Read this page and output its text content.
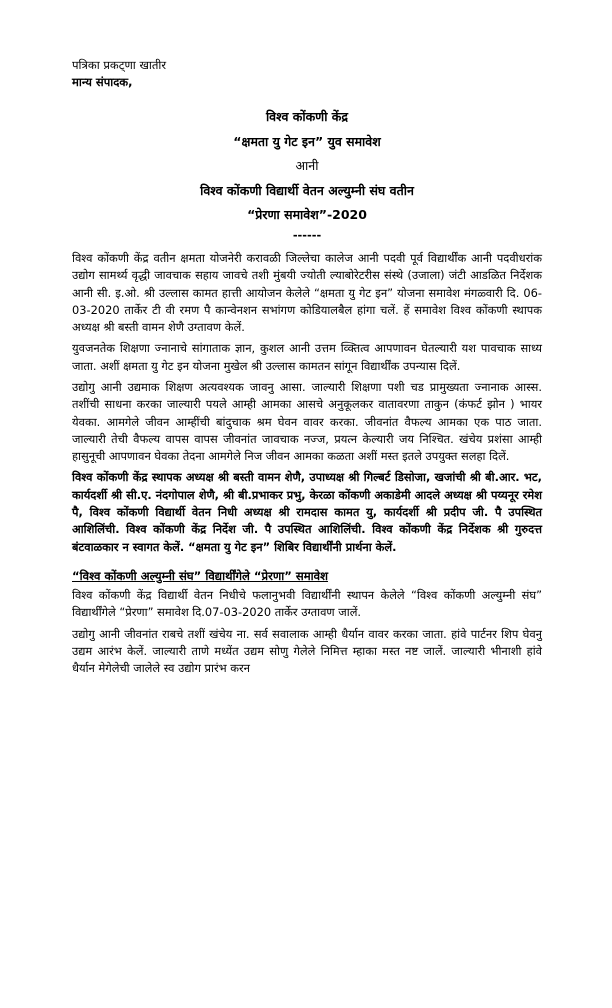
पत्रिका प्रकट्णा खातीर

मान्य संपादक,

विश्व कोंकणी केंद्र

“क्षमता यु गेट इन” युव समावेश

आनी

विश्व कोंकणी विद्यार्थी वेतन अल्युम्नी संघ वतीन

“प्रेरणा समावेश”-2020

------

विश्व कोंकणी केंद्र वतीन क्षमता योजनेरी करावळी जिल्लेचा कालेज आनी पदवी पूर्व विद्यार्थींक आनी पदवीधरांक उद्योग सामर्थ्य वृद्धी जावचाक सहाय जावचे तशी मुंबयी ज्योती ल्याबोरेटरीस संस्थे (उजाला) जंटी आडळित निर्देशक आनी सी. इ.ओ. श्री उल्लास कामत हात्ती आयोजन केलेले “क्षमता यु गेट इन” योजना समावेश मंगळ्वारी दि. 06-03-2020 तार्केर टी वी रमण पै कान्वेनशन सभांगण कोडियालबैल हांगा चलें. हें समावेश विश्व कोंकणी स्थापक अध्यक्ष श्री बस्ती वामन शेणै उग्तावण केलें.

युवजनतेक शिक्षणा ज्नानाचे सांगाताक ज्ञान, कुशल आनी उत्तम व्क्तित्व आपणावन घेतल्यारी यश पावचाक साध्य जाता. अशीं क्षमता यु गेट इन योजना मुखेल श्री उल्लास कामतन सांगून विद्यार्थींक उपन्यास दिलें.

उद्योगु आनी उद्यमाक शिक्षण अत्यवश्यक जावनु आसा. जाल्यारी शिक्षणा पशी चड प्रामुख्यता ज्नानाक आस्स. तशींची साधना करका जाल्यारी पयले आम्ही आमका आसचे अनुकूलकर वातावरणा ताकुन (कंफर्ट झोन ) भायर येवका. आमगेले जीवन आम्हींची बांदुचाक श्रम घेवन वावर करका. जीवनांत वैफल्य आमका एक पाठ जाता. जाल्यारी तेची वैफल्य वापस वापस जीवनांत जावचाक नज्ज, प्रयत्न केल्यारी जय निश्चित. खंचेय प्रशंसा आम्ही हासुनूची आपणावन घेवका तेदना आमगेले निज जीवन आमका कळता अशीं मस्त इतले उपयुक्त सलहा दिलें.

विश्व कोंकणी केंद्र स्थापक अध्यक्ष श्री बस्ती वामन शेणै, उपाध्यक्ष श्री गिल्बर्ट डिसोजा, खजांची श्री बी.आर. भट, कार्यदर्शी श्री सी.ए. नंदगोपाल शेणै, श्री बी.प्रभाकर प्रभु, केरळा कोंकणी अकाडेमी आदले अध्यक्ष श्री पय्यनूर रमेश पै, विश्व कोंकणी विद्यार्थी वेतन निधी अध्यक्ष श्री रामदास कामत यु, कार्यदर्शी श्री प्रदीप जी. पै उपस्थित आशिलिंची. विश्व कोंकणी केंद्र निर्देश जी. पै उपस्थित आशिलिंची. विश्व कोंकणी केंद्र निर्देशक श्री गुरुदत्त बंटवाळकार न स्वागत केलें. “क्षमता यु गेट इन” शिबिर विद्यार्थींनी प्रार्थना केलें.

“विश्व कोंकणी अल्युम्नी संघ” विद्यार्थींगेले “प्रेरणा” समावेश

विश्व कोंकणी केंद्र विद्यार्थी वेतन निधीचे फलानुभवी विद्यार्थींनी स्थापन केलेले “विश्व कोंकणी अल्युम्नी संघ” विद्यार्थींगेले “प्रेरणा” समावेश दि.07-03-2020 तार्केर उग्तावण जालें.

उद्योगु आनी जीवनांत राबचे तशीं खंचेय ना. सर्व सवालाक आम्ही धैर्यान वावर करका जाता. हांवे पार्टनर शिप घेवनु उद्यम आरंभ केलें. जाल्यारी ताणे मध्येंत उद्यम सोणु गेलेले निमित्त म्हाका मस्त नष्ट जालें. जाल्यारी भीनाशी हांवे धैर्यान मेगेलेची जालेले स्व उद्योग प्रारंभ करन
